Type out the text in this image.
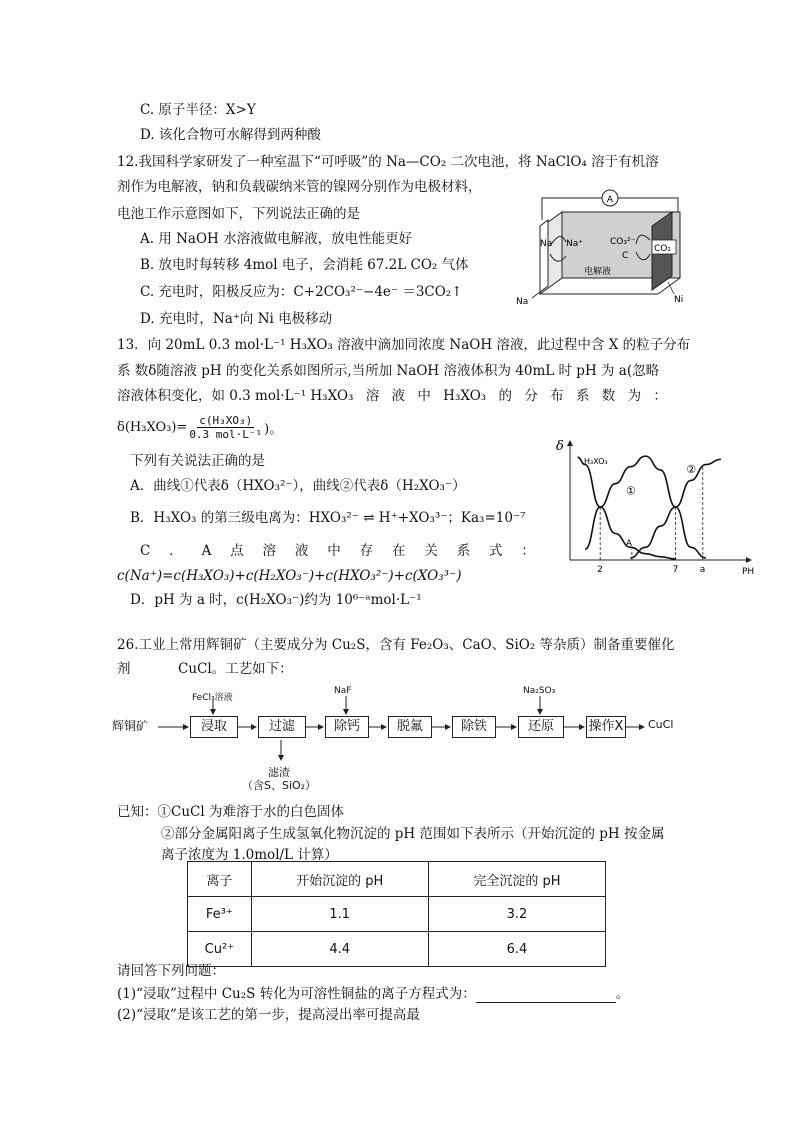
C. 原子半径：X>Y
D. 该化合物可水解得到两种酸
12.我国科学家研发了一种室温下“可呼吸”的 Na—CO₂ 二次电池，将 NaClO₄ 溶于有机溶
剂作为电解液，钠和负载碳纳米管的镍网分别作为电极材料，
电池工作示意图如下，下列说法正确的是
A. 用 NaOH 水溶液做电解液，放电性能更好
B. 放电时每转移 4mol 电子，会消耗 67.2L CO₂ 气体
C. 充电时，阳极反应为：C+2CO₃²⁻−4e⁻ ＝3CO₂↑
D. 充电时，Na⁺向 Ni 电极移动
A
Na Na⁺	CO₃²⁻
C
CO₂
电解液
Na	Ni
13．向 20mL 0.3 mol·L⁻¹ H₃XO₃ 溶液中滴加同浓度 NaOH 溶液，此过程中含 X 的粒子分布
系 数δ随溶液 pH 的变化关系如图所示,当所加 NaOH 溶液体积为 40mL 时 pH 为 a(忽略
溶液体积变化，如 0.3 mol·L⁻¹ H₃XO₃ 溶 液 中 H₃XO₃ 的 分 布 系 数 为 ：
δ(H₃XO₃)= c(H₃XO₃)
0.3 mol·L⁻¹ )。
下列有关说法正确的是
A．曲线①代表δ（HXO₃²⁻），曲线②代表δ（H₂XO₃⁻）
B．H₃XO₃ 的第三级电离为：HXO₃²⁻ ⇌ H⁺+XO₃³⁻；Ka₃=10⁻⁷
C ． A 点 溶 液 中 存 在 关 系 式 ：
c(Na⁺)=c(H₃XO₃)+c(H₂XO₃⁻)+c(HXO₃²⁻)+c(XO₃³⁻)
D．pH 为 a 时，c(H₂XO₃⁻)约为 10⁶⁻ᵃmol·L⁻¹
δ
PH
2	7 a
H₃XO₃
①
②
A
26.工业上常用辉铜矿（主要成分为 Cu₂S，含有 Fe₂O₃、CaO、SiO₂ 等杂质）制备重要催化
剂	CuCl。工艺如下：
辉铜矿
FeCl₃溶液
NaF	Na₂SO₃
浸取	过滤	除钙	脱氟	除铁	还原	操作X CuCl
滤渣
（含S、SiO₂）
已知：①CuCl 为难溶于水的白色固体
②部分金属阳离子生成氢氧化物沉淀的 pH 范围如下表所示（开始沉淀的 pH 按金属
离子浓度为 1.0mol/L 计算）
离子	开始沉淀的 pH	完全沉淀的 pH
Fe³⁺	1.1	3.2
Cu²⁺	4.4	6.4
请回答下列问题：
(1)“浸取”过程中 Cu₂S 转化为可溶性铜盐的离子方程式为：	。
(2)“浸取”是该工艺的第一步，提高浸出率可提高最
